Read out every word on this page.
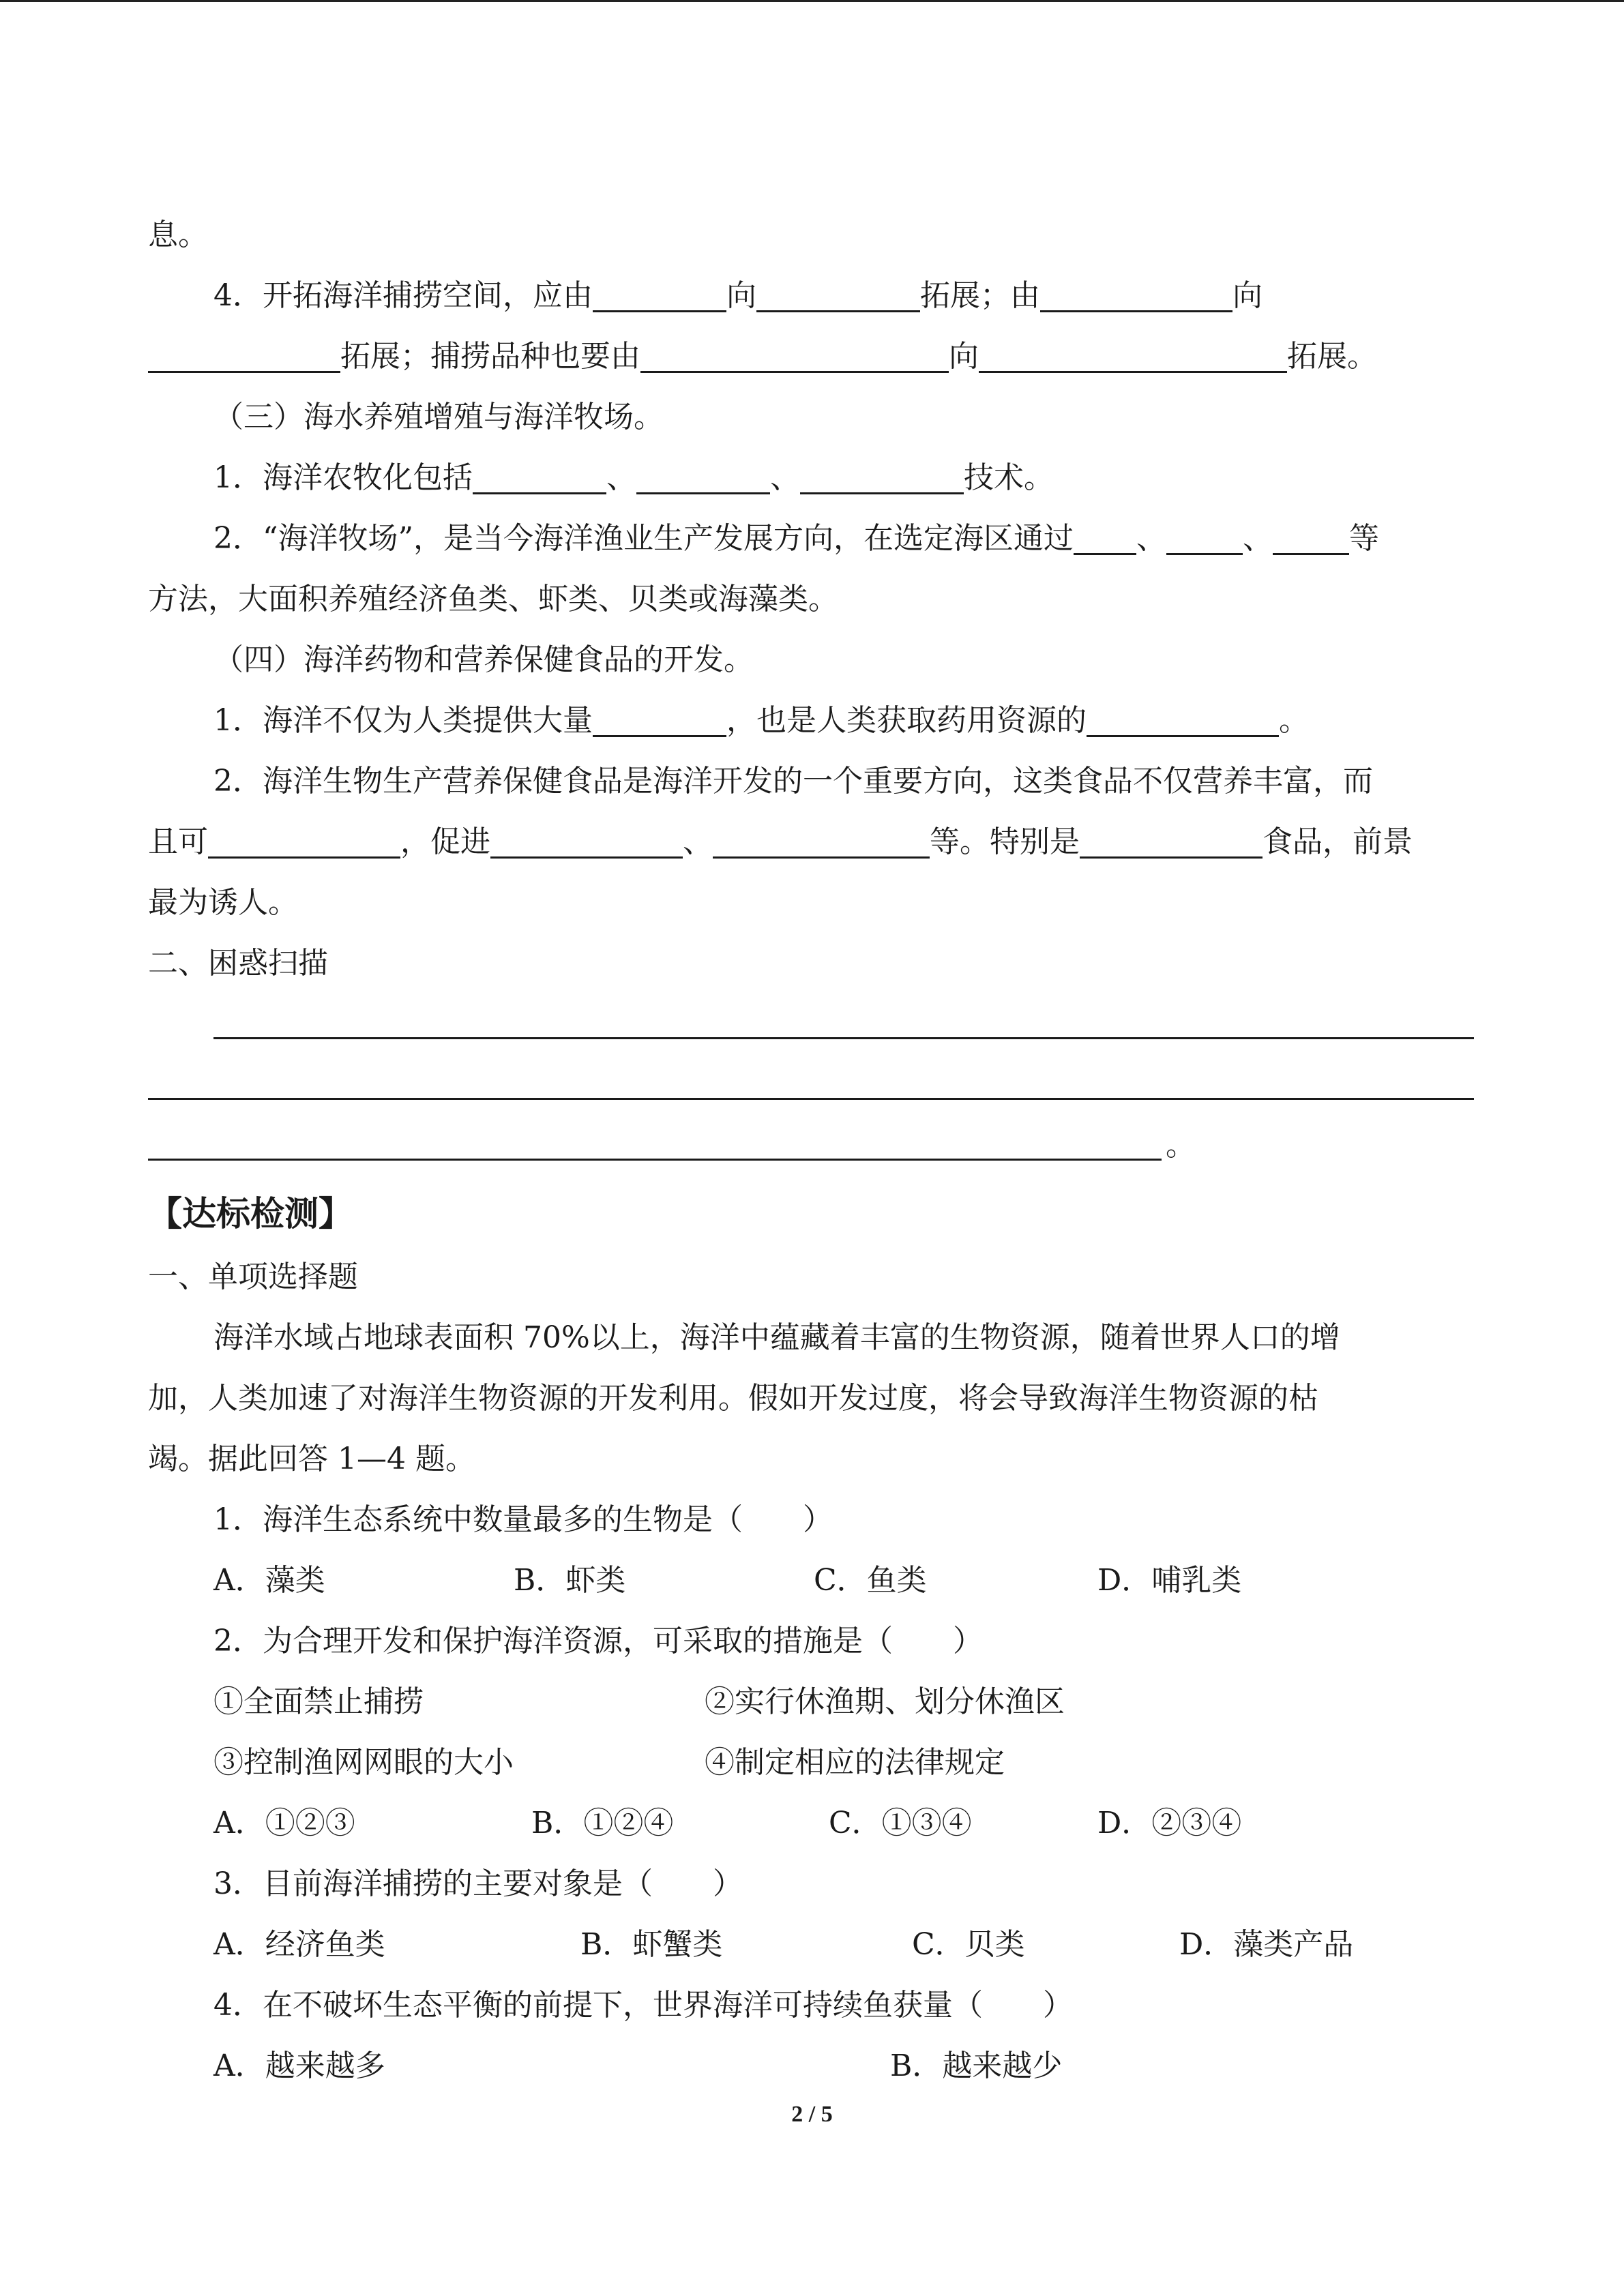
息。
4．开拓海洋捕捞空间，应由	向	拓展；由	向
拓展；捕捞品种也要由	向	拓展。
（三）海水养殖增殖与海洋牧场。
1．海洋农牧化包括	、	、	技术。
2．“海洋牧场”，是当今海洋渔业生产发展方向，在选定海区通过 、	、	等
方法，大面积养殖经济鱼类、虾类、贝类或海藻类。
（四）海洋药物和营养保健食品的开发。
1．海洋不仅为人类提供大量	，也是人类获取药用资源的	。
2．海洋生物生产营养保健食品是海洋开发的一个重要方向，这类食品不仅营养丰富，而
且可	，促进	、	等。特别是	食品，前景
最为诱人。
二、困惑扫描
。
【达标检测】
一、单项选择题
海洋水域占地球表面积 70%以上，海洋中蕴藏着丰富的生物资源，随着世界人口的增
加，人类加速了对海洋生物资源的开发利用。假如开发过度，将会导致海洋生物资源的枯
竭。据此回答 1—4 题。
1．海洋生态系统中数量最多的生物是（　　）
A．藻类	B．虾类	C．鱼类	D．哺乳类
2．为合理开发和保护海洋资源，可采取的措施是（　　）
①全面禁止捕捞	②实行休渔期、划分休渔区
③控制渔网网眼的大小	④制定相应的法律规定
A．①②③	B．①②④	C．①③④	D．②③④
3．目前海洋捕捞的主要对象是（　　）
A．经济鱼类	B．虾蟹类	C．贝类	D．藻类产品
4．在不破坏生态平衡的前提下，世界海洋可持续鱼获量（　　）
A．越来越多	B．越来越少
2 / 5
